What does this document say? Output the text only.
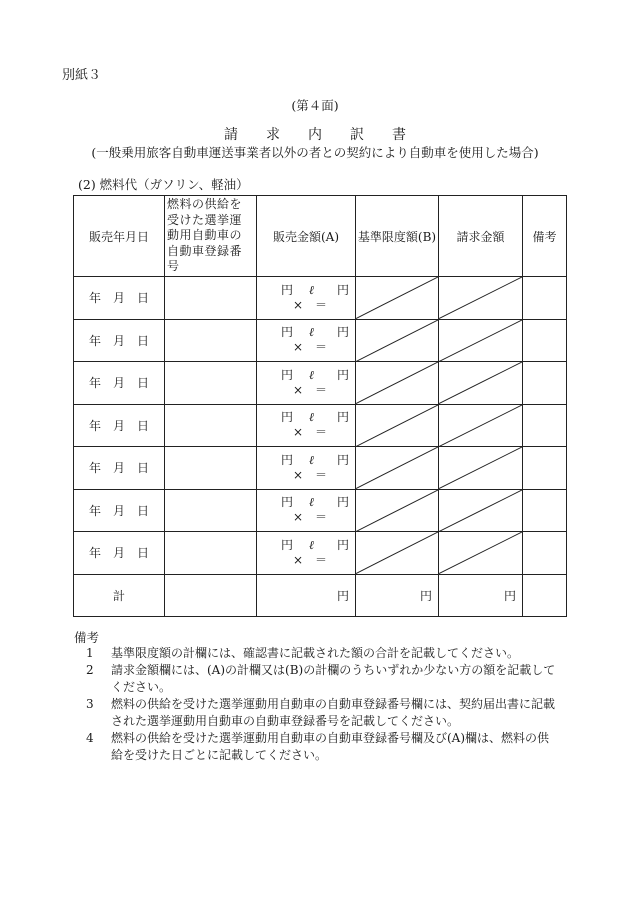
別紙３
(第４面)
請　　求　　内　　訳　　書
(一般乗用旅客自動車運送事業者以外の者との契約により自動車を使用した場合)
(2) 燃料代（ガソリン、軽油）
販売年月日	燃料の供給を受けた選挙運動用自動車の自動車登録番号	販売金額(A)	基準限度額(B)	請求金額	備考
年 月 日		円 ℓ 円
×　＝

年 月 日		円 ℓ 円
×　＝

年 月 日		円 ℓ 円
×　＝

年 月 日		円 ℓ 円
×　＝

年 月 日		円 ℓ 円
×　＝

年 月 日		円 ℓ 円
×　＝

年 月 日		円 ℓ 円
×　＝

計		円	円	円	
備考
1	基準限度額の計欄には、確認書に記載された額の合計を記載してください。
2	請求金額欄には、(A)の計欄又は(B)の計欄のうちいずれか少ない方の額を記載してください。
3	燃料の供給を受けた選挙運動用自動車の自動車登録番号欄には、契約届出書に記載された選挙運動用自動車の自動車登録番号を記載してください。
4	燃料の供給を受けた選挙運動用自動車の自動車登録番号欄及び(A)欄は、燃料の供給を受けた日ごとに記載してください。
